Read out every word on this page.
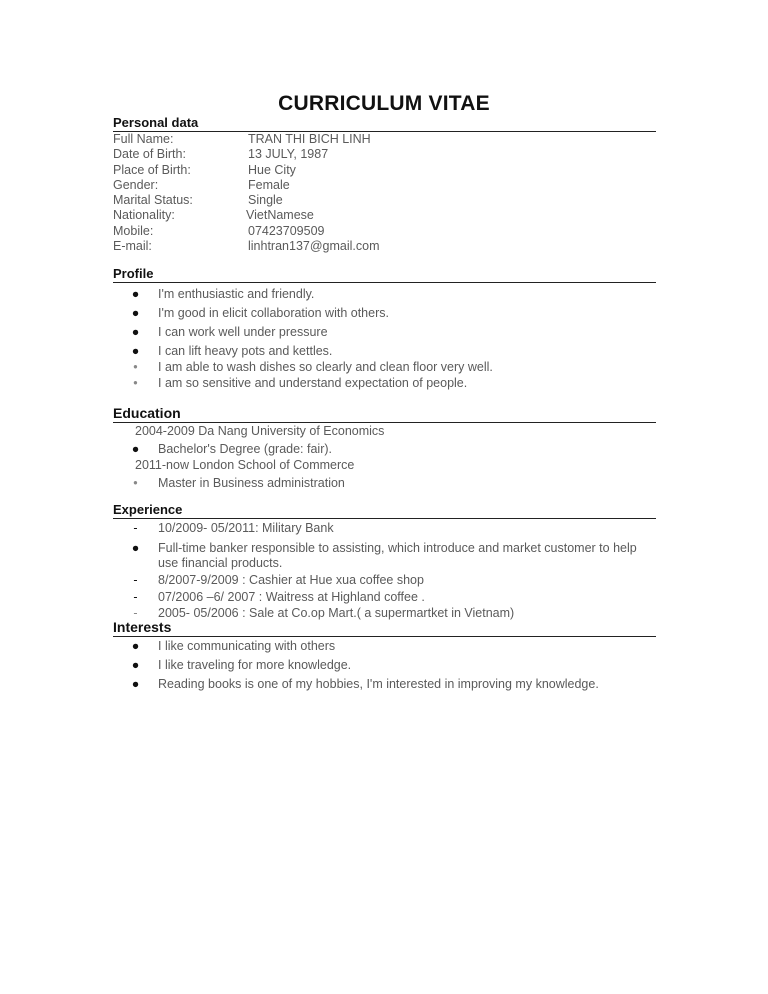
CURRICULUM VITAE
Personal data
Full Name:	TRAN THI BICH LINH
Date of Birth:	13 JULY, 1987
Place of Birth:	Hue City
Gender:	Female
Marital Status:	Single
Nationality:	VietNamese
Mobile:	07423709509
E-mail:	linhtran137@gmail.com
Profile
●	I'm enthusiastic and friendly.
●	I'm good in elicit collaboration with others.
●	I can work well under pressure
●	I can lift heavy pots and kettles.
•	I am able to wash dishes so clearly and clean floor very well.
•	I am so sensitive and understand expectation of people.
Education
2004-2009 Da Nang University of Economics
●	Bachelor's Degree (grade: fair).
2011-now London School of Commerce
•	Master in Business administration
Experience
-	10/2009- 05/2011: Military Bank
●	Full-time banker responsible to assisting, which introduce and market customer to help use financial products.
-	8/2007-9/2009 : Cashier at Hue xua coffee shop
-	07/2006 –6/ 2007 : Waitress at Highland coffee .
-	2005- 05/2006 : Sale at Co.op Mart.( a supermartket in Vietnam)
Interests
●	I like communicating with others
●	I like traveling for more knowledge.
●	Reading books is one of my hobbies, I'm interested in improving my knowledge.
